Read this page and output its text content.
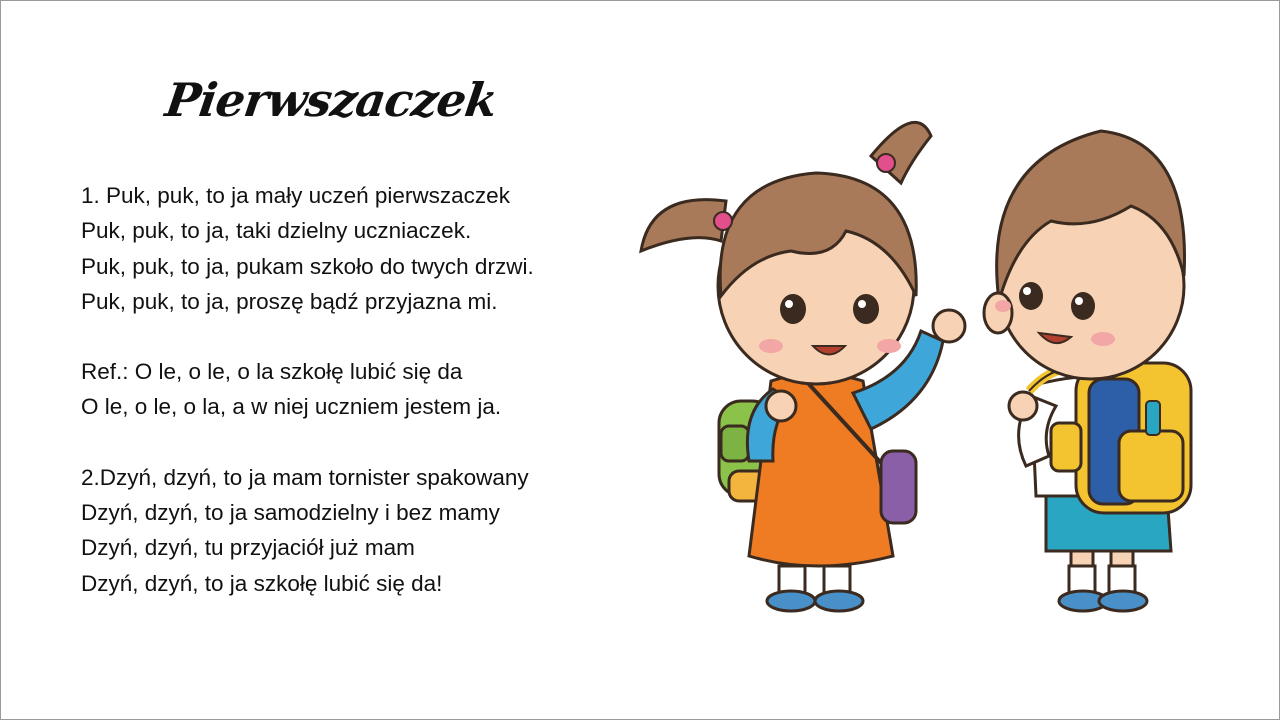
Pierwszaczek
1. Puk, puk, to ja mały uczeń pierwszaczek
Puk, puk, to ja, taki dzielny uczniaczek.
Puk, puk, to ja, pukam szkoło do twych drzwi.
Puk, puk, to ja, proszę bądź przyjazna mi.
Ref.: O le, o le, o la szkołę lubić się da
O le, o le, o la, a w niej uczniem jestem ja.
2.Dzyń, dzyń, to ja mam tornister spakowany
Dzyń, dzyń, to ja samodzielny i bez mamy
Dzyń, dzyń, tu przyjaciół już mam
Dzyń, dzyń, to ja szkołę lubić się da!
